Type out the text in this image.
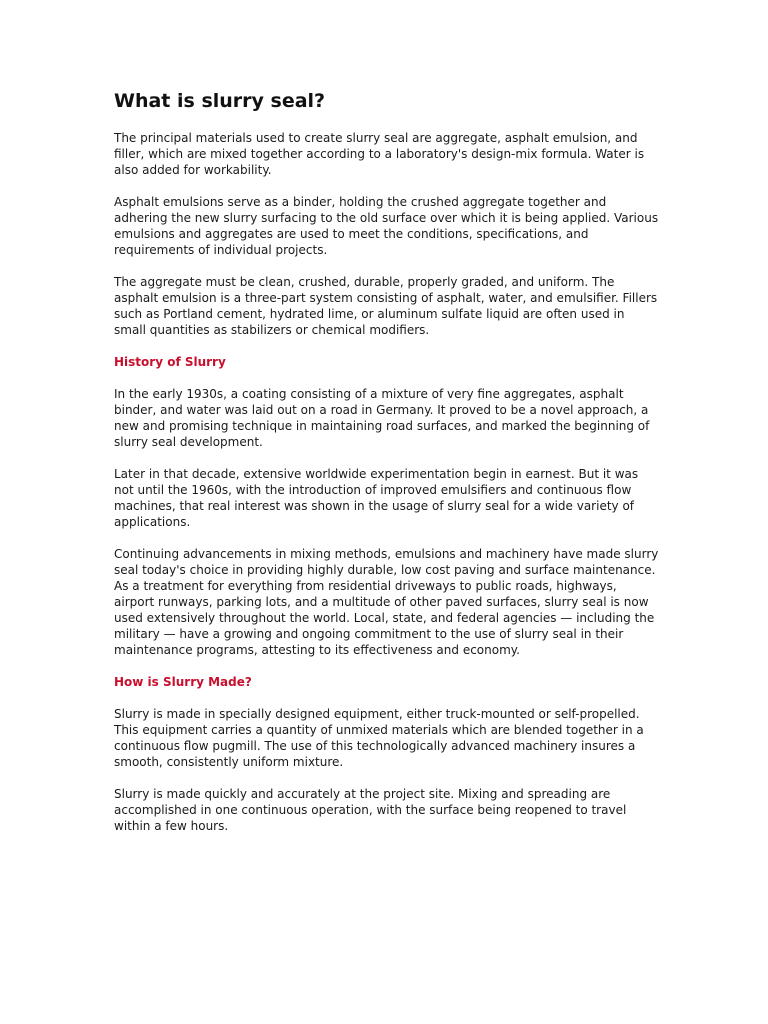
What is slurry seal?

The principal materials used to create slurry seal are aggregate, asphalt emulsion, and filler, which are mixed together according to a laboratory's design-mix formula. Water is also added for workability.

Asphalt emulsions serve as a binder, holding the crushed aggregate together and adhering the new slurry surfacing to the old surface over which it is being applied. Various emulsions and aggregates are used to meet the conditions, specifications, and requirements of individual projects.

The aggregate must be clean, crushed, durable, properly graded, and uniform. The asphalt emulsion is a three-part system consisting of asphalt, water, and emulsifier. Fillers such as Portland cement, hydrated lime, or aluminum sulfate liquid are often used in small quantities as stabilizers or chemical modifiers.

History of Slurry

In the early 1930s, a coating consisting of a mixture of very fine aggregates, asphalt binder, and water was laid out on a road in Germany. It proved to be a novel approach, a new and promising technique in maintaining road surfaces, and marked the beginning of slurry seal development.

Later in that decade, extensive worldwide experimentation begin in earnest. But it was not until the 1960s, with the introduction of improved emulsifiers and continuous flow machines, that real interest was shown in the usage of slurry seal for a wide variety of applications.

Continuing advancements in mixing methods, emulsions and machinery have made slurry seal today's choice in providing highly durable, low cost paving and surface maintenance. As a treatment for everything from residential driveways to public roads, highways, airport runways, parking lots, and a multitude of other paved surfaces, slurry seal is now used extensively throughout the world. Local, state, and federal agencies — including the military — have a growing and ongoing commitment to the use of slurry seal in their maintenance programs, attesting to its effectiveness and economy.

How is Slurry Made?

Slurry is made in specially designed equipment, either truck-mounted or self-propelled. This equipment carries a quantity of unmixed materials which are blended together in a continuous flow pugmill. The use of this technologically advanced machinery insures a smooth, consistently uniform mixture.

Slurry is made quickly and accurately at the project site. Mixing and spreading are accomplished in one continuous operation, with the surface being reopened to travel within a few hours.
